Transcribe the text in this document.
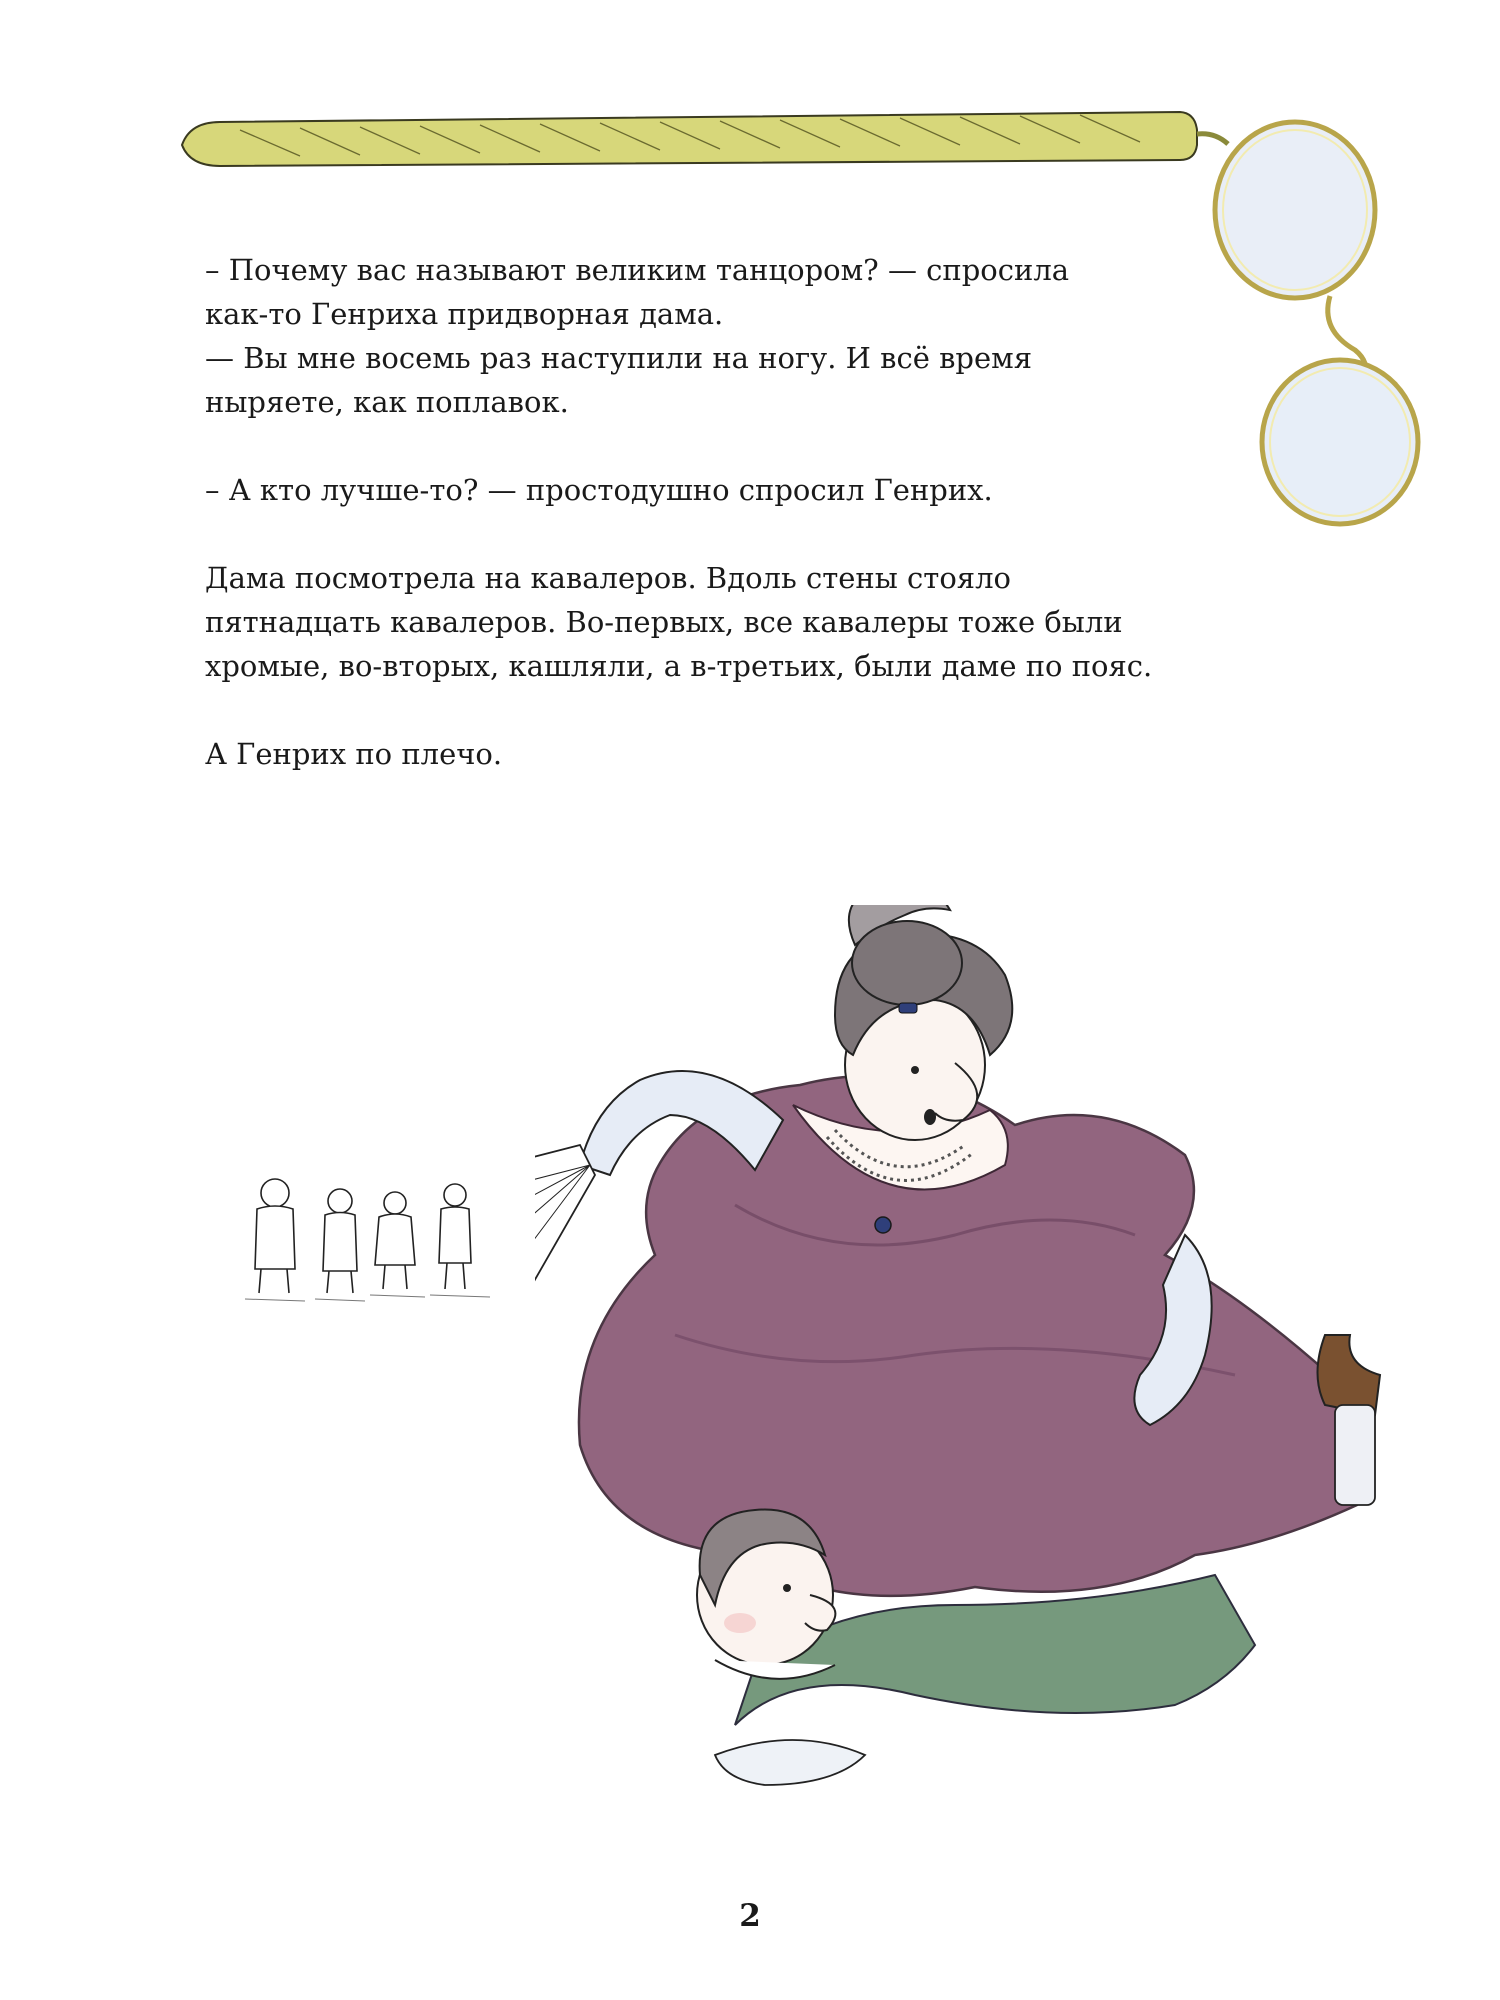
– Почему вас называют великим танцором? — спросила
как-то Генриха придворная дама.
— Вы мне восемь раз наступили на ногу. И всё время
ныряете, как поплавок.

– А кто лучше-то? — простодушно спросил Генрих.

Дама посмотрела на кавалеров. Вдоль стены стояло
пятнадцать кавалеров. Во-первых, все кавалеры тоже были
хромые, во-вторых, кашляли, а в-третьих, были даме по пояс.

А Генрих по плечо.

2
